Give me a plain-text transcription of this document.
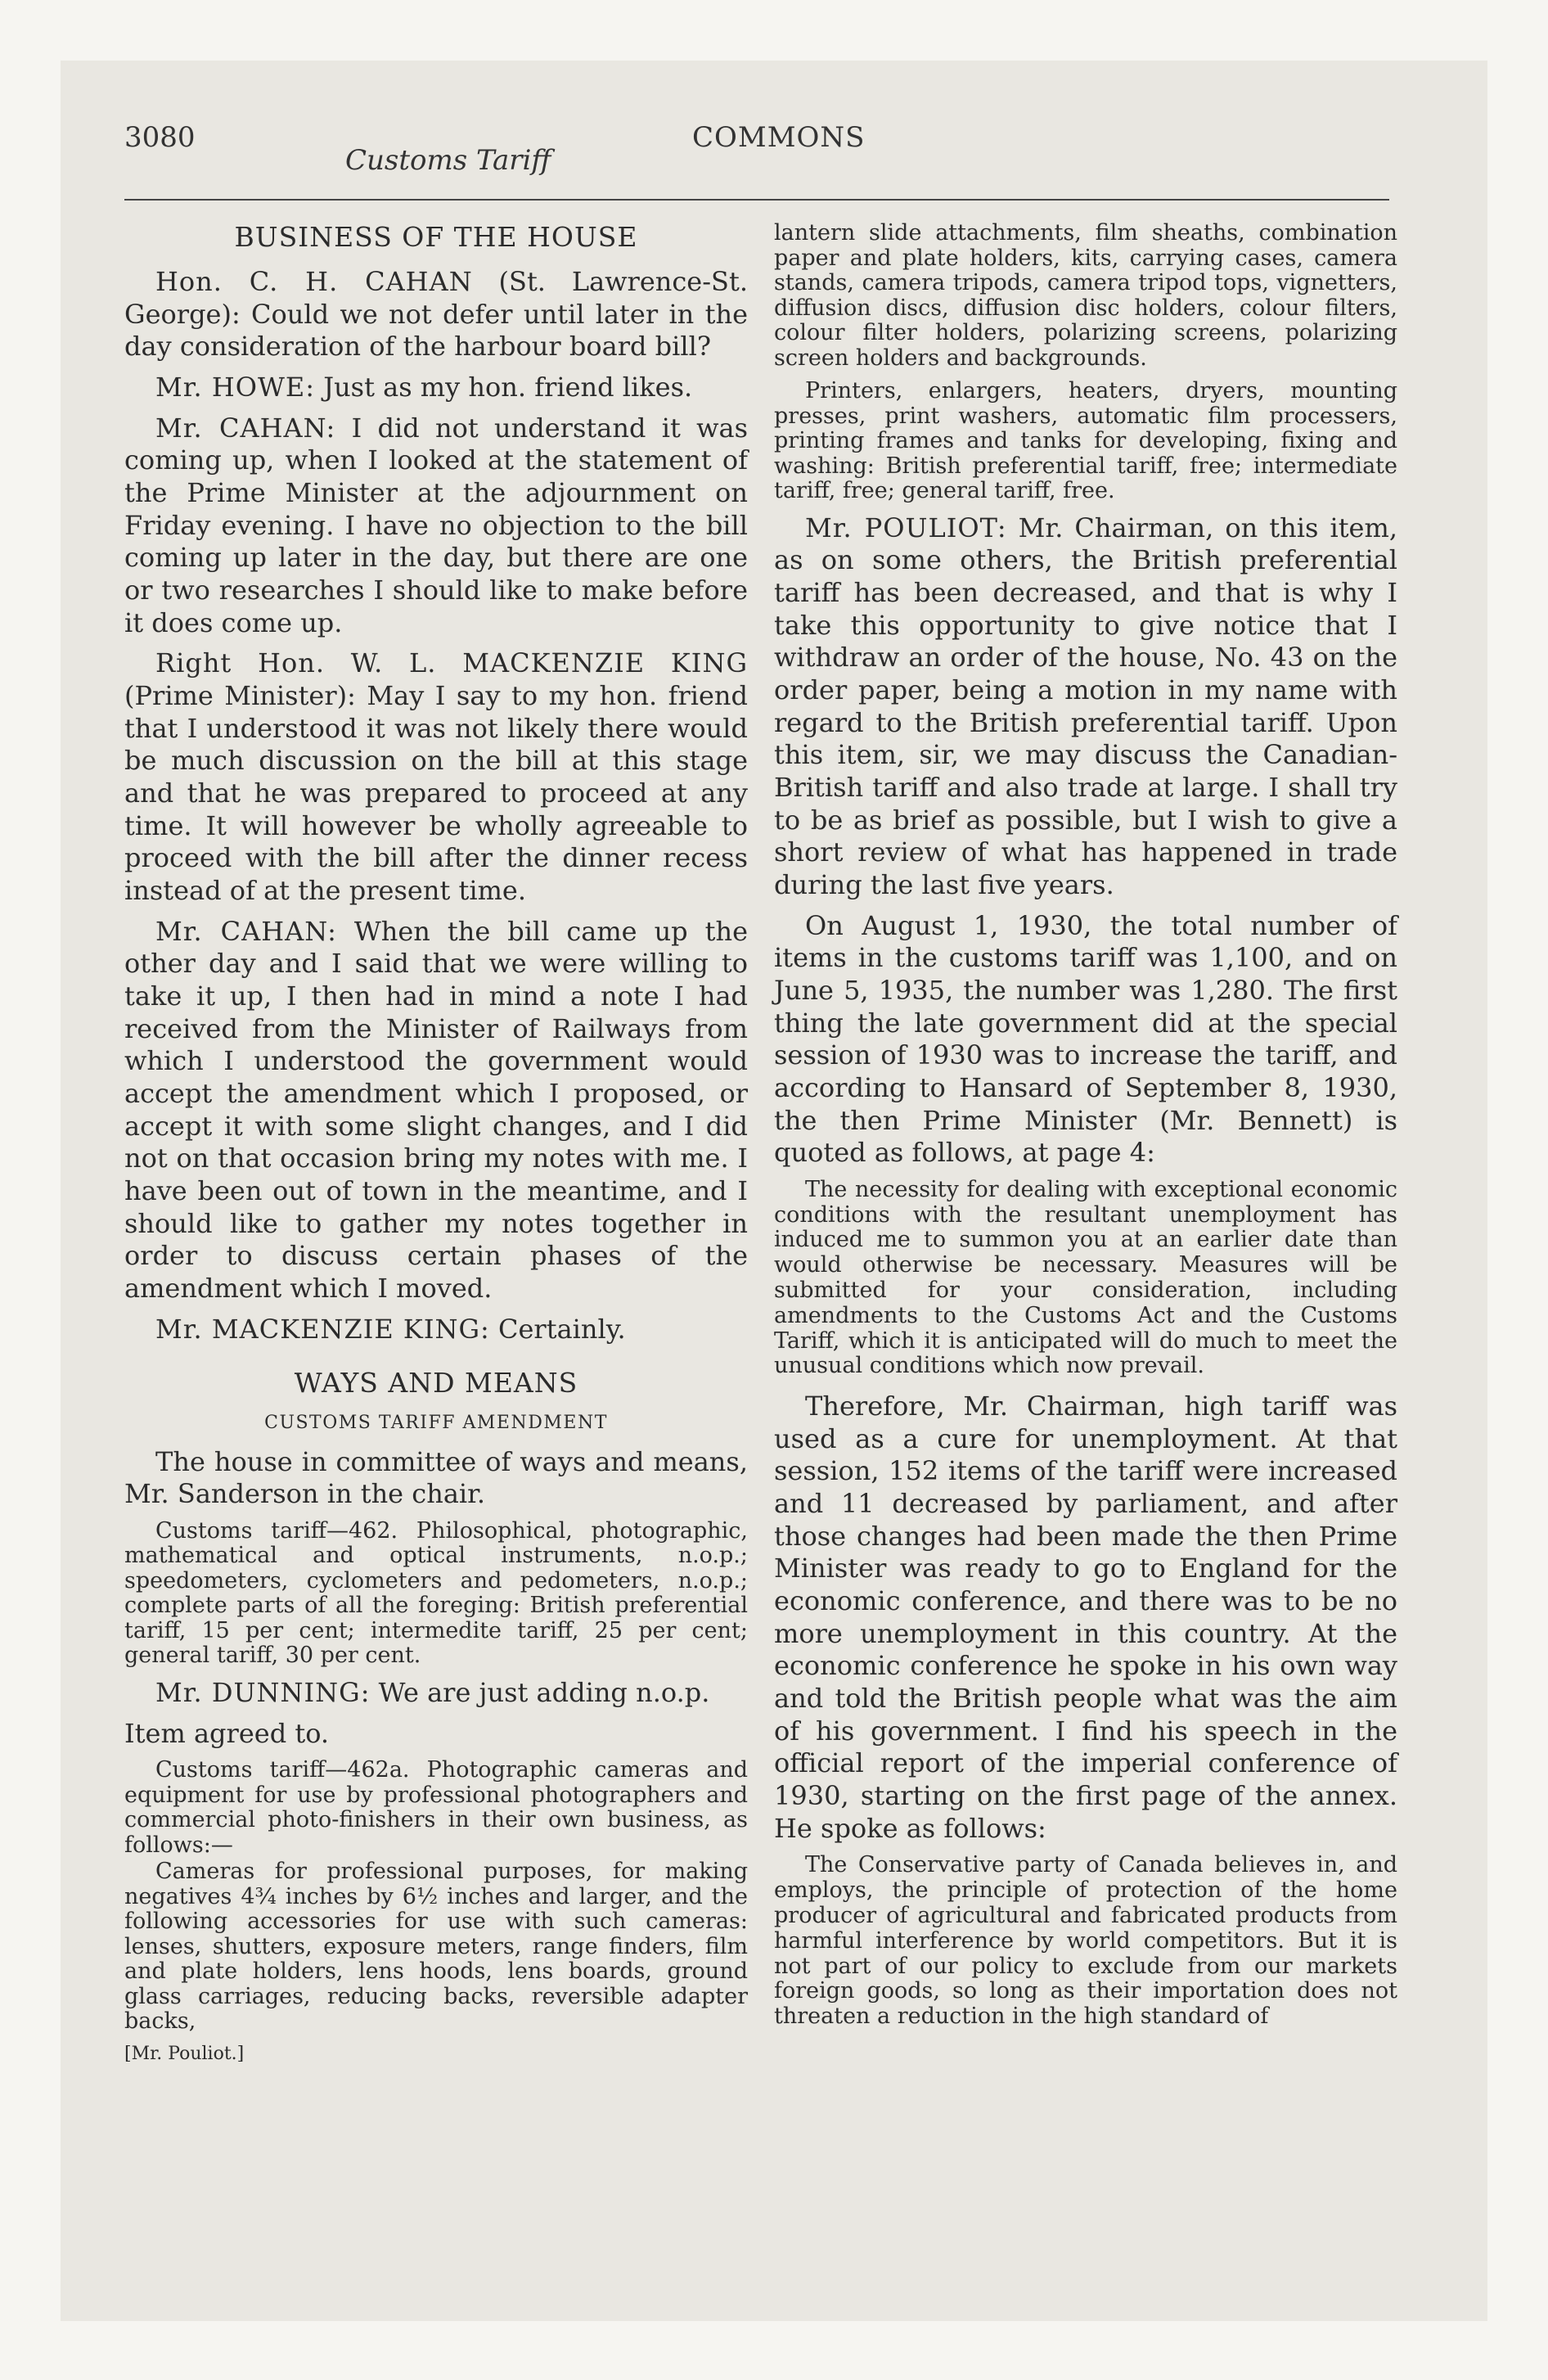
3080
Customs Tariff
COMMONS
BUSINESS OF THE HOUSE

Hon. C. H. CAHAN (St. Lawrence-St. George): Could we not defer until later in the day consideration of the harbour board bill?

Mr. HOWE: Just as my hon. friend likes.

Mr. CAHAN: I did not understand it was coming up, when I looked at the statement of the Prime Minister at the adjournment on Friday evening. I have no objection to the bill coming up later in the day, but there are one or two researches I should like to make before it does come up.

Right Hon. W. L. MACKENZIE KING (Prime Minister): May I say to my hon. friend that I understood it was not likely there would be much discussion on the bill at this stage and that he was prepared to proceed at any time. It will however be wholly agreeable to proceed with the bill after the dinner recess instead of at the present time.

Mr. CAHAN: When the bill came up the other day and I said that we were willing to take it up, I then had in mind a note I had received from the Minister of Railways from which I understood the government would accept the amendment which I proposed, or accept it with some slight changes, and I did not on that occasion bring my notes with me. I have been out of town in the meantime, and I should like to gather my notes together in order to discuss certain phases of the amendment which I moved.

Mr. MACKENZIE KING: Certainly.

WAYS AND MEANS
CUSTOMS TARIFF AMENDMENT

The house in committee of ways and means, Mr. Sanderson in the chair.

Customs tariff—462. Philosophical, photographic, mathematical and optical instruments, n.o.p.; speedometers, cyclometers and pedometers, n.o.p.; complete parts of all the foreging: British preferential tariff, 15 per cent; intermedite tariff, 25 per cent; general tariff, 30 per cent.

Mr. DUNNING: We are just adding n.o.p.

Item agreed to.

Customs tariff—462a. Photographic cameras and equipment for use by professional photographers and commercial photo-finishers in their own business, as follows:—

Cameras for professional purposes, for making negatives 4¾ inches by 6½ inches and larger, and the following accessories for use with such cameras: lenses, shutters, exposure meters, range finders, film and plate holders, lens hoods, lens boards, ground glass carriages, reducing backs, reversible adapter backs,

[Mr. Pouliot.]

lantern slide attachments, film sheaths, combination paper and plate holders, kits, carrying cases, camera stands, camera tripods, camera tripod tops, vignetters, diffusion discs, diffusion disc holders, colour filters, colour filter holders, polarizing screens, polarizing screen holders and backgrounds.

Printers, enlargers, heaters, dryers, mounting presses, print washers, automatic film processers, printing frames and tanks for developing, fixing and washing: British preferential tariff, free; intermediate tariff, free; general tariff, free.

Mr. POULIOT: Mr. Chairman, on this item, as on some others, the British preferential tariff has been decreased, and that is why I take this opportunity to give notice that I withdraw an order of the house, No. 43 on the order paper, being a motion in my name with regard to the British preferential tariff. Upon this item, sir, we may discuss the Canadian-British tariff and also trade at large. I shall try to be as brief as possible, but I wish to give a short review of what has happened in trade during the last five years.

On August 1, 1930, the total number of items in the customs tariff was 1,100, and on June 5, 1935, the number was 1,280. The first thing the late government did at the special session of 1930 was to increase the tariff, and according to Hansard of September 8, 1930, the then Prime Minister (Mr. Bennett) is quoted as follows, at page 4:

The necessity for dealing with exceptional economic conditions with the resultant unemployment has induced me to summon you at an earlier date than would otherwise be necessary. Measures will be submitted for your consideration, including amendments to the Customs Act and the Customs Tariff, which it is anticipated will do much to meet the unusual conditions which now prevail.

Therefore, Mr. Chairman, high tariff was used as a cure for unemployment. At that session, 152 items of the tariff were increased and 11 decreased by parliament, and after those changes had been made the then Prime Minister was ready to go to England for the economic conference, and there was to be no more unemployment in this country. At the economic conference he spoke in his own way and told the British people what was the aim of his government. I find his speech in the official report of the imperial conference of 1930, starting on the first page of the annex. He spoke as follows:

The Conservative party of Canada believes in, and employs, the principle of protection of the home producer of agricultural and fabricated products from harmful interference by world competitors. But it is not part of our policy to exclude from our markets foreign goods, so long as their importation does not threaten a reduction in the high standard of
